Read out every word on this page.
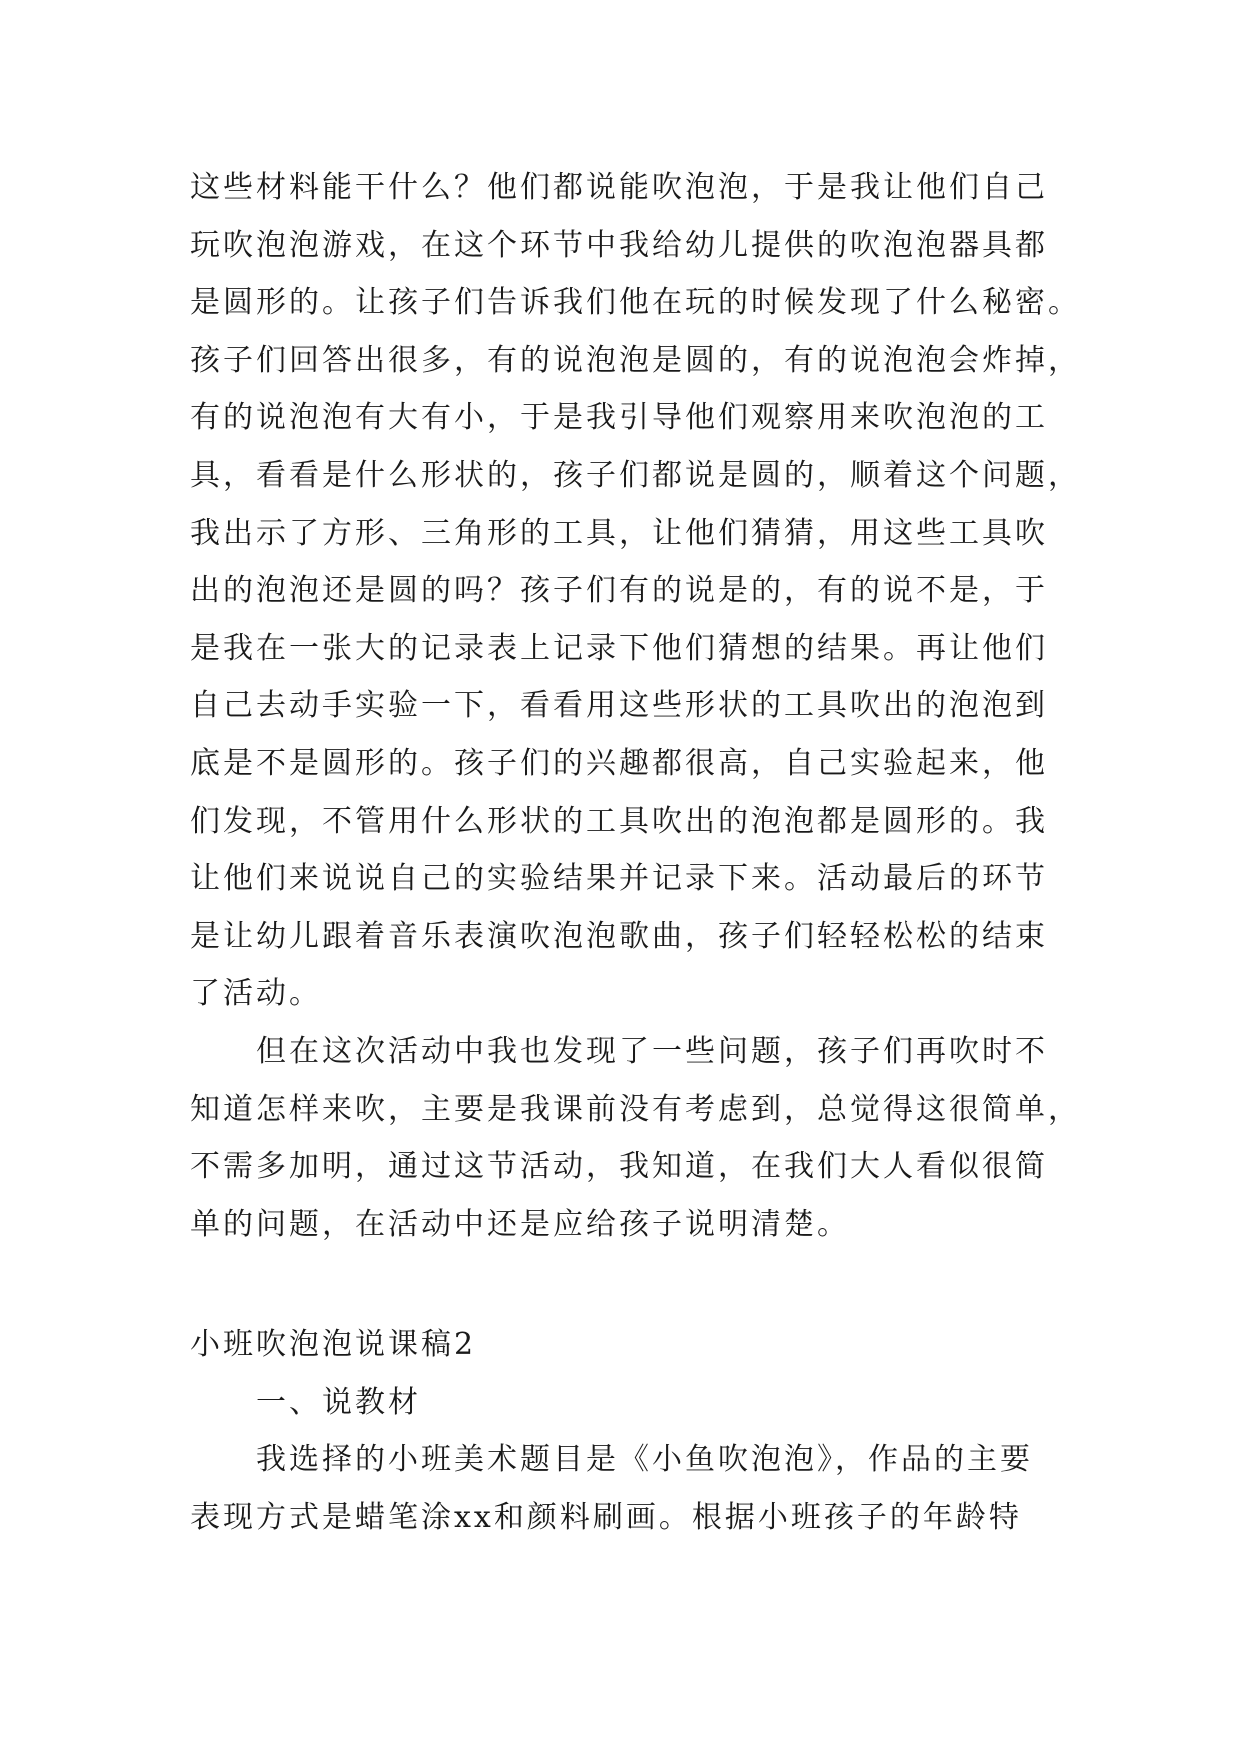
这些材料能干什么？他们都说能吹泡泡，于是我让他们自己
玩吹泡泡游戏，在这个环节中我给幼儿提供的吹泡泡器具都
是圆形的。让孩子们告诉我们他在玩的时候发现了什么秘密。
孩子们回答出很多，有的说泡泡是圆的，有的说泡泡会炸掉，
有的说泡泡有大有小，于是我引导他们观察用来吹泡泡的工
具，看看是什么形状的，孩子们都说是圆的，顺着这个问题，
我出示了方形、三角形的工具，让他们猜猜，用这些工具吹
出的泡泡还是圆的吗？孩子们有的说是的，有的说不是，于
是我在一张大的记录表上记录下他们猜想的结果。再让他们
自己去动手实验一下，看看用这些形状的工具吹出的泡泡到
底是不是圆形的。孩子们的兴趣都很高，自己实验起来，他
们发现，不管用什么形状的工具吹出的泡泡都是圆形的。我
让他们来说说自己的实验结果并记录下来。活动最后的环节
是让幼儿跟着音乐表演吹泡泡歌曲，孩子们轻轻松松的结束
了活动。
但在这次活动中我也发现了一些问题，孩子们再吹时不
知道怎样来吹，主要是我课前没有考虑到，总觉得这很简单，
不需多加明，通过这节活动，我知道，在我们大人看似很简
单的问题，在活动中还是应给孩子说明清楚。
小班吹泡泡说课稿2
一、说教材
我选择的小班美术题目是《小鱼吹泡泡》，作品的主要
表现方式是蜡笔涂xx和颜料刷画。根据小班孩子的年龄特
